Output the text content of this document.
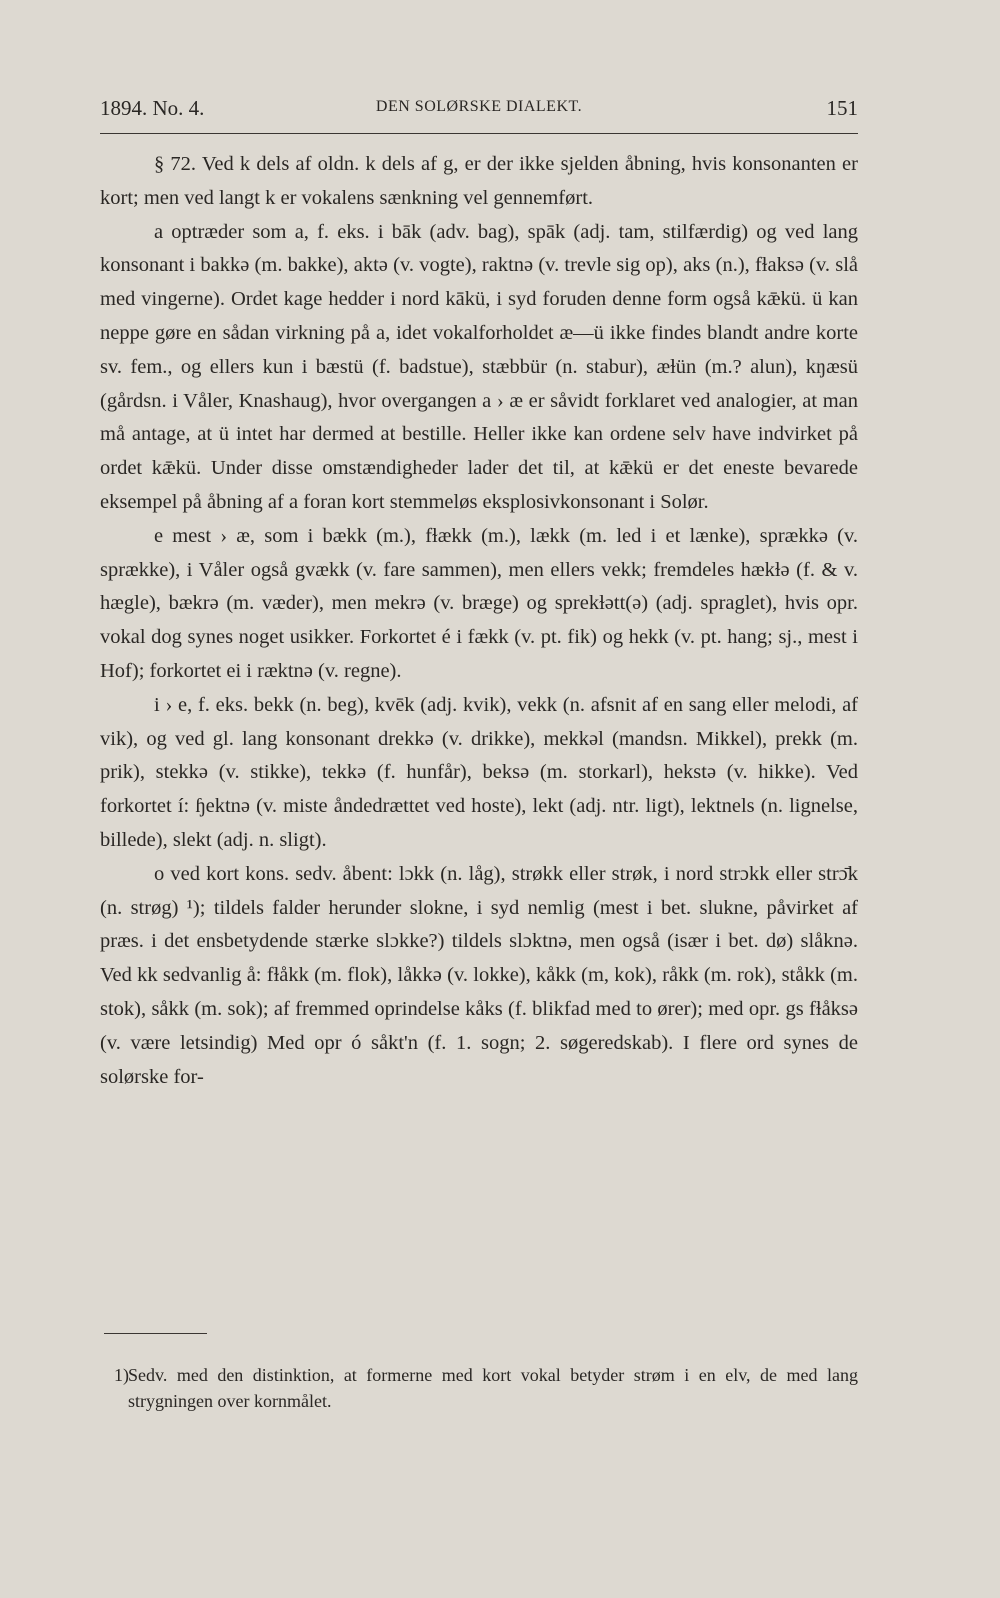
1894. No. 4.	DEN SOLØRSKE DIALEKT.	151

§ 72. Ved k dels af oldn. k dels af g, er der ikke sjelden åbning, hvis konsonanten er kort; men ved langt k er vokalens sænkning vel gennemført.

a optræder som a, f. eks. i bāk (adv. bag), spāk (adj. tam, stilfærdig) og ved lang konsonant i bakkə (m. bakke), aktə (v. vogte), raktnə (v. trevle sig op), aks (n.), fɫaksə (v. slå med vingerne). Ordet kage hedder i nord kākü, i syd foruden denne form også kǣkü. ü kan neppe gøre en sådan virkning på a, idet vokalforholdet æ—ü ikke findes blandt andre korte sv. fem., og ellers kun i bæstü (f. badstue), stæbbür (n. stabur), æɫün (m.? alun), kŋæsü (gårdsn. i Våler, Knashaug), hvor overgangen a › æ er såvidt forklaret ved analogier, at man må antage, at ü intet har dermed at bestille. Heller ikke kan ordene selv have indvirket på ordet kǣkü. Under disse omstændigheder lader det til, at kǣkü er det eneste bevarede eksempel på åbning af a foran kort stemmeløs eksplosivkonsonant i Solør.

e mest › æ, som i bækk (m.), fɫækk (m.), lækk (m. led i et lænke), sprækkə (v. sprække), i Våler også gvækk (v. fare sammen), men ellers vekk; fremdeles hækɫə (f. & v. hægle), bækrə (m. væder), men mekrə (v. bræge) og sprekɫətt(ə) (adj. spraglet), hvis opr. vokal dog synes noget usikker. Forkortet é i fækk (v. pt. fik) og hekk (v. pt. hang; sj., mest i Hof); forkortet ei i ræktnə (v. regne).

i › e, f. eks. bekk (n. beg), kvēk (adj. kvik), vekk (n. afsnit af en sang eller melodi, af vik), og ved gl. lang konsonant drekkə (v. drikke), mekkəl (mandsn. Mikkel), prekk (m. prik), stekkə (v. stikke), tekkə (f. hunfår), beksə (m. storkarl), hekstə (v. hikke). Ved forkortet í: ɧektnə (v. miste åndedrættet ved hoste), lekt (adj. ntr. ligt), lektnels (n. lignelse, billede), slekt (adj. n. sligt).

o ved kort kons. sedv. åbent: lɔkk (n. låg), strøkk eller strøk, i nord strɔkk eller strɔ̄k (n. strøg) ¹); tildels falder herunder slokne, i syd nemlig (mest i bet. slukne, påvirket af præs. i det ensbetydende stærke slɔkke?) tildels slɔktnə, men også (især i bet. dø) slåknə. Ved kk sedvanlig å: fɫåkk (m. flok), låkkə (v. lokke), kåkk (m, kok), råkk (m. rok), ståkk (m. stok), såkk (m. sok); af fremmed oprindelse kåks (f. blikfad med to ører); med opr. gs fɫåksə (v. være letsindig) Med opr ó såkt'n (f. 1. sogn; 2. søgeredskab). I flere ord synes de solørske for-

1) Sedv. med den distinktion, at formerne med kort vokal betyder strøm i en elv, de med lang strygningen over kornmålet.
